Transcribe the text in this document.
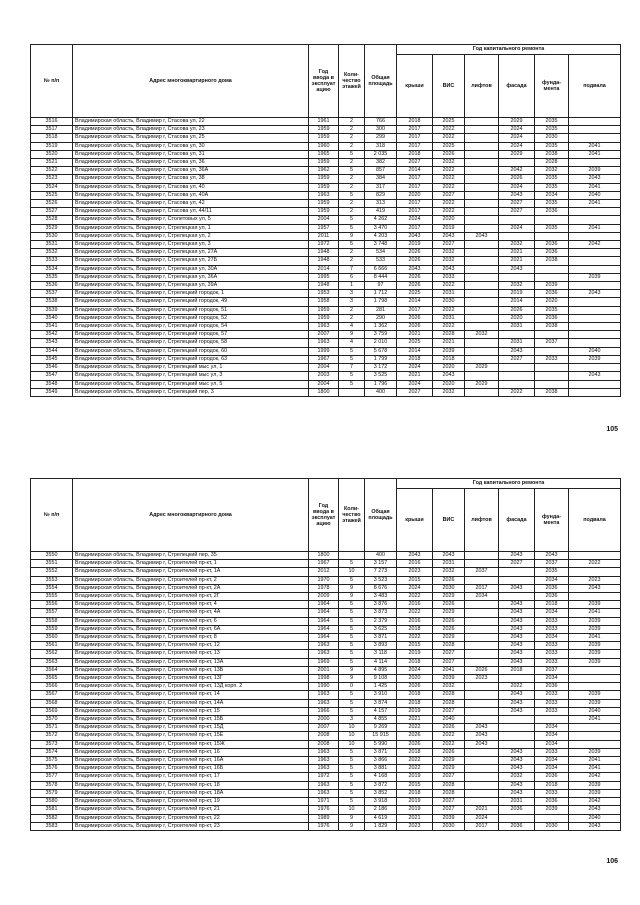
№ п/п	Адрес многоквартирного дома	Год ввода в эксплуат ацию	Коли-чество этажей	Общая площадь	Год капитального ремонта					
					крыши	ВИС	лифтов	фасада	фунда-мента	подвала
3516	Владимирская область, Владимир г, Стасова ул, 22	1961	2	766	2018	2025		2029	2035	
3517	Владимирская область, Владимир г, Стасова ул, 23	1959	2	300	2017	2022		2024	2035	
3518	Владимирская область, Владимир г, Стасова ул, 25	1959	2	299	2017	2022		2024	2030	
3519	Владимирская область, Владимир г, Стасова ул, 30	1960	2	318	2017	2025		2024	2035	2041
3520	Владимирская область, Владимир г, Стасова ул, 31	1965	5	2 035	2018	2026		2029	2038	2041
3521	Владимирская область, Владимир г, Стасова ул, 36	1959	2	382	2027	2032			2028	
3522	Владимирская область, Владимир г, Стасова ул, 36А	1962	5	857	2014	2022		2042	2032	2039
3523	Владимирская область, Владимир г, Стасова ул, 38	1959	2	384	2017	2022		2026	2035	2043
3524	Владимирская область, Владимир г, Стасова ул, 40	1959	2	317	2017	2022		2024	2035	2041
3525	Владимирская область, Владимир г, Стасова ул, 40А	1963	5	829	2020	2027		2043	2034	2040
3526	Владимирская область, Владимир г, Стасова ул, 42	1959	2	313	2017	2022		2027	2035	2041
3527	Владимирская область, Владимир г, Стасова ул, 44/11	1959	2	419	2017	2022		2027	2036	
3528	Владимирская область, Владимир г, Столетовых ул, 5	2004	5	4 262	2024	2020				
3529	Владимирская область, Владимир г, Стрелецкая ул, 1	1957	5	3 470	2017	2019		2024	2035	2041
3530	Владимирская область, Владимир г, Стрелецкая ул, 2	2011	9	4 203	2043	2043	2043			
3531	Владимирская область, Владимир г, Стрелецкая ул, 3	1972	5	3 748	2019	2027		2032	2036	2042
3532	Владимирская область, Владимир г, Стрелецкая ул, 27А	1948	2	534	2026	2032		2021	2036	
3533	Владимирская область, Владимир г, Стрелецкая ул, 27Б	1948	2	533	2026	2032		2021	2038	
3534	Владимирская область, Владимир г, Стрелецкая ул, 30А	2014	7	6 666	2043	2043		2043		
3535	Владимирская область, Владимир г, Стрелецкая ул, 36А	1995	6	8 444	2026	2033				2039
3536	Владимирская область, Владимир г, Стрелецкая ул, 39А	1948	1	97	2026	2022		2032	2039	
3537	Владимирская область, Владимир г, Стрелецкий городок, 1	1953	3	1 712	2025	2031		2019	2036	2043
3538	Владимирская область, Владимир г, Стрелецкий городок, 49	1958	3	1 798	2014	2030		2014	2020	
3539	Владимирская область, Владимир г, Стрелецкий городок, 51	1959	2	281	2017	2022		2026	2035	
3540	Владимирская область, Владимир г, Стрелецкий городок, 52	1959	2	290	2026	2031		2020	2036	
3541	Владимирская область, Владимир г, Стрелецкий городок, 54	1963	4	1 362	2026	2022		2031	2038	
3542	Владимирская область, Владимир г, Стрелецкий городок, 57	2007	9	3 759	2021	2028	2032			
3543	Владимирская область, Владимир г, Стрелецкий городок, 58	1963	4	2 010	2025	2021		2031	2037	
3544	Владимирская область, Владимир г, Стрелецкий городок, 60	1999	5	5 678	2014	2039		2043		2040
3545	Владимирская область, Владимир г, Стрелецкий городок, 63	1967	5	1 799	2018	2018		2027	2033	2039
3546	Владимирская область, Владимир г, Стрелецкий мыс ул, 1	2004	7	3 172	2024	2020	2029			
3547	Владимирская область, Владимир г, Стрелецкий мыс ул, 3	2003	5	3 525	2021	2043				2043
3548	Владимирская область, Владимир г, Стрелецкий мыс ул, 5	2004	5	1 796	2024	2020	2029			
3549	Владимирская область, Владимир г, Стрелецкий пер, 3	1800		400	2027	2032		2022	2038	
105
№ п/п	Адрес многоквартирного дома	Год ввода в эксплуат ацию	Коли-чество этажей	Общая площадь	Год капитального ремонта					
					крыши	ВИС	лифтов	фасада	фунда-мента	подвала
3550	Владимирская область, Владимир г, Стрелецкий пер, 35	1800		400	2043	2043		2043	2043	
3551	Владимирская область, Владимир г, Строителей пр-кт, 1	1967	5	3 157	2016	2031		2027	2037	2022
3552	Владимирская область, Владимир г, Строителей пр-кт, 1А	2012	10	7 273	2023	2032	2037		2035	
3553	Владимирская область, Владимир г, Строителей пр-кт, 2	1970	5	3 523	2015	2026			2034	2023
3554	Владимирская область, Владимир г, Строителей пр-кт, 2А	1978	9	8 676	2024	2030	2017	2043	2036	2043
3555	Владимирская область, Владимир г, Строителей пр-кт, 2Г	2009	9	3 483	2022	2029	2034		2036	
3556	Владимирская область, Владимир г, Строителей пр-кт, 4	1964	5	3 876	2016	2026		2043	2018	2039
3557	Владимирская область, Владимир г, Строителей пр-кт, 4А	1964	5	3 873	2022	2029		2043	2034	2041
3558	Владимирская область, Владимир г, Строителей пр-кт, 6	1964	5	2 379	2016	2026		2043	2033	2039
3559	Владимирская область, Владимир г, Строителей пр-кт, 6А	1964	5	3 625	2018	2026		2043	2033	2039
3560	Владимирская область, Владимир г, Строителей пр-кт, 8	1964	5	3 871	2022	2029		2043	2034	2041
3561	Владимирская область, Владимир г, Строителей пр-кт, 12	1963	5	3 893	2015	2028		2043	2033	2039
3562	Владимирская область, Владимир г, Строителей пр-кт, 13	1963	5	3 118	2019	2027		2043	2033	2039
3563	Владимирская область, Владимир г, Строителей пр-кт, 13А	1969	5	4 114	2018	2027		2043	2033	2039
3564	Владимирская область, Владимир г, Строителей пр-кт, 13Б	2001	9	4 895	2024	2041	2026	2018	2037	
3565	Владимирская область, Владимир г, Строителей пр-кт, 13Г	1998	9	9 108	2020	2039	2023		2034	
3566	Владимирская область, Владимир г, Строителей пр-кт, 13Д корп. 2	1990	0	1 425	2026	2032		2022	2036	
3567	Владимирская область, Владимир г, Строителей пр-кт, 14	1963	5	3 910	2018	2028		2043	2033	2039
3568	Владимирская область, Владимир г, Строителей пр-кт, 14А	1963	5	3 874	2018	2028		2043	2033	2039
3569	Владимирская область, Владимир г, Строителей пр-кт, 15	1966	5	4 157	2019	2027		2043	2033	2040
3570	Владимирская область, Владимир г, Строителей пр-кт, 15Б	2000	3	4 855	2021	2040				2041
3571	Владимирская область, Владимир г, Строителей пр-кт, 15Д	2007	10	9 269	2022	2026	2043		2034	
3572	Владимирская область, Владимир г, Строителей пр-кт, 15Е	2008	10	15 915	2026	2022	2043		2034	
3573	Владимирская область, Владимир г, Строителей пр-кт, 15Ж	2008	10	5 990	2026	2022	2043		2034	
3574	Владимирская область, Владимир г, Строителей пр-кт, 16	1963	5	3 871	2018	2026		2043	2033	2039
3575	Владимирская область, Владимир г, Строителей пр-кт, 16А	1963	5	3 866	2022	2029		2043	2034	2041
3576	Владимирская область, Владимир г, Строителей пр-кт, 16Б	1963	5	3 881	2022	2029		2043	2034	2041
3577	Владимирская область, Владимир г, Строителей пр-кт, 17	1972	5	4 168	2019	2027		2032	2036	2042
3578	Владимирская область, Владимир г, Строителей пр-кт, 18	1963	5	3 872	2015	2028		2043	2018	2039
3579	Владимирская область, Владимир г, Строителей пр-кт, 18А	1963	5	3 852	2018	2028		2043	2033	2039
3580	Владимирская область, Владимир г, Строителей пр-кт, 19	1971	5	3 918	2019	2027		2031	2036	2042
3581	Владимирская область, Владимир г, Строителей пр-кт, 21	1976	10	2 186	2019	2027	2021	2036	2039	2043
3582	Владимирская область, Владимир г, Строителей пр-кт, 22	1989	9	4 619	2021	2039	2024			2040
3583	Владимирская область, Владимир г, Строителей пр-кт, 23	1976	9	1 829	2023	2030	2017	2036	2030	2043
106
